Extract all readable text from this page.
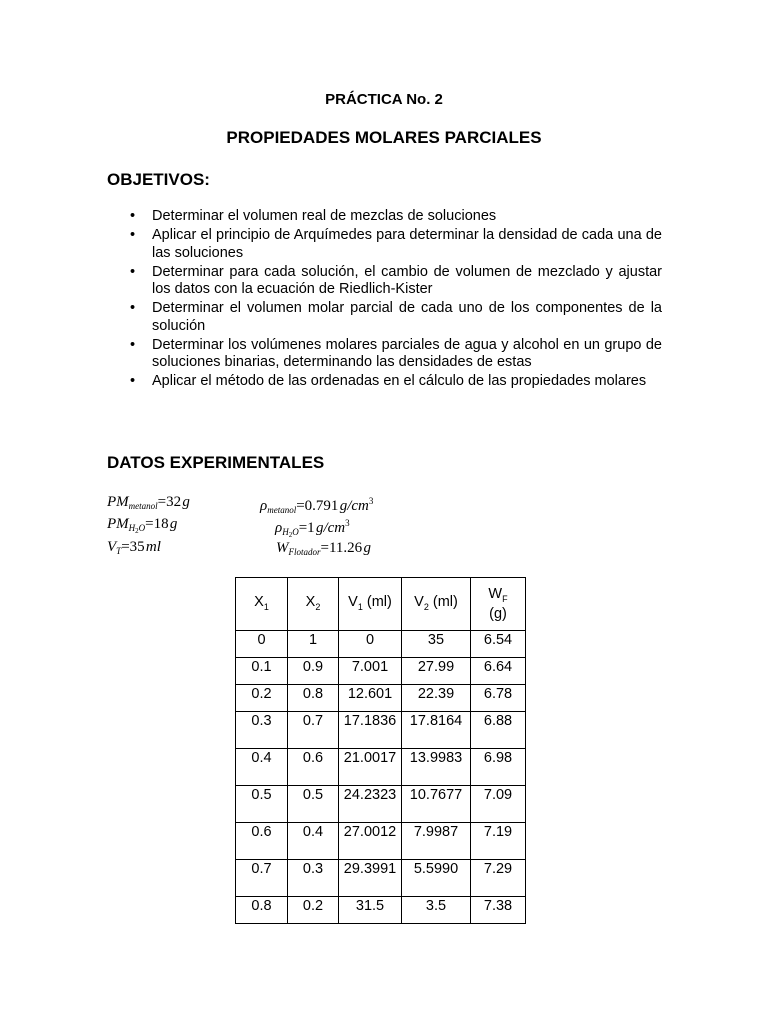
PRÁCTICA No. 2

PROPIEDADES MOLARES PARCIALES
OBJETIVOS:
• Determinar el volumen real de mezclas de soluciones
• Aplicar el principio de Arquímedes para determinar la densidad de cada una de las soluciones
• Determinar para cada solución, el cambio de volumen de mezclado y ajustar los datos con la ecuación de Riedlich-Kister
• Determinar el volumen molar parcial de cada uno de los componentes de la solución
• Determinar los volúmenes molares parciales de agua y alcohol en un grupo de soluciones binarias, determinando las densidades de estas
• Aplicar el método de las ordenadas en el cálculo de las propiedades molares
DATOS EXPERIMENTALES
$PM_{metanol}=32$ g
$PM_{H_2O}=18$ g
$V_T=35$ ml
$\rho_{metanol}=0.791$ $g/cm^3$
$\rho_{H_2O}=1$ $g/cm^3$
$W_{Flotador}=11.26$ g
$X_1$	$X_2$	$V_1$ (ml)	$V_2$ (ml)	$W_F$
(g)
0	1	0	35	6.54
0.1	0.9	7.001	27.99	6.64
0.2	0.8	12.601	22.39	6.78
0.3	0.7	17.1836	17.8164	6.88
0.4	0.6	21.0017	13.9983	6.98
0.5	0.5	24.2323	10.7677	7.09
0.6	0.4	27.0012	7.9987	7.19
0.7	0.3	29.3991	5.5990	7.29
0.8	0.2	31.5	3.5	7.38
